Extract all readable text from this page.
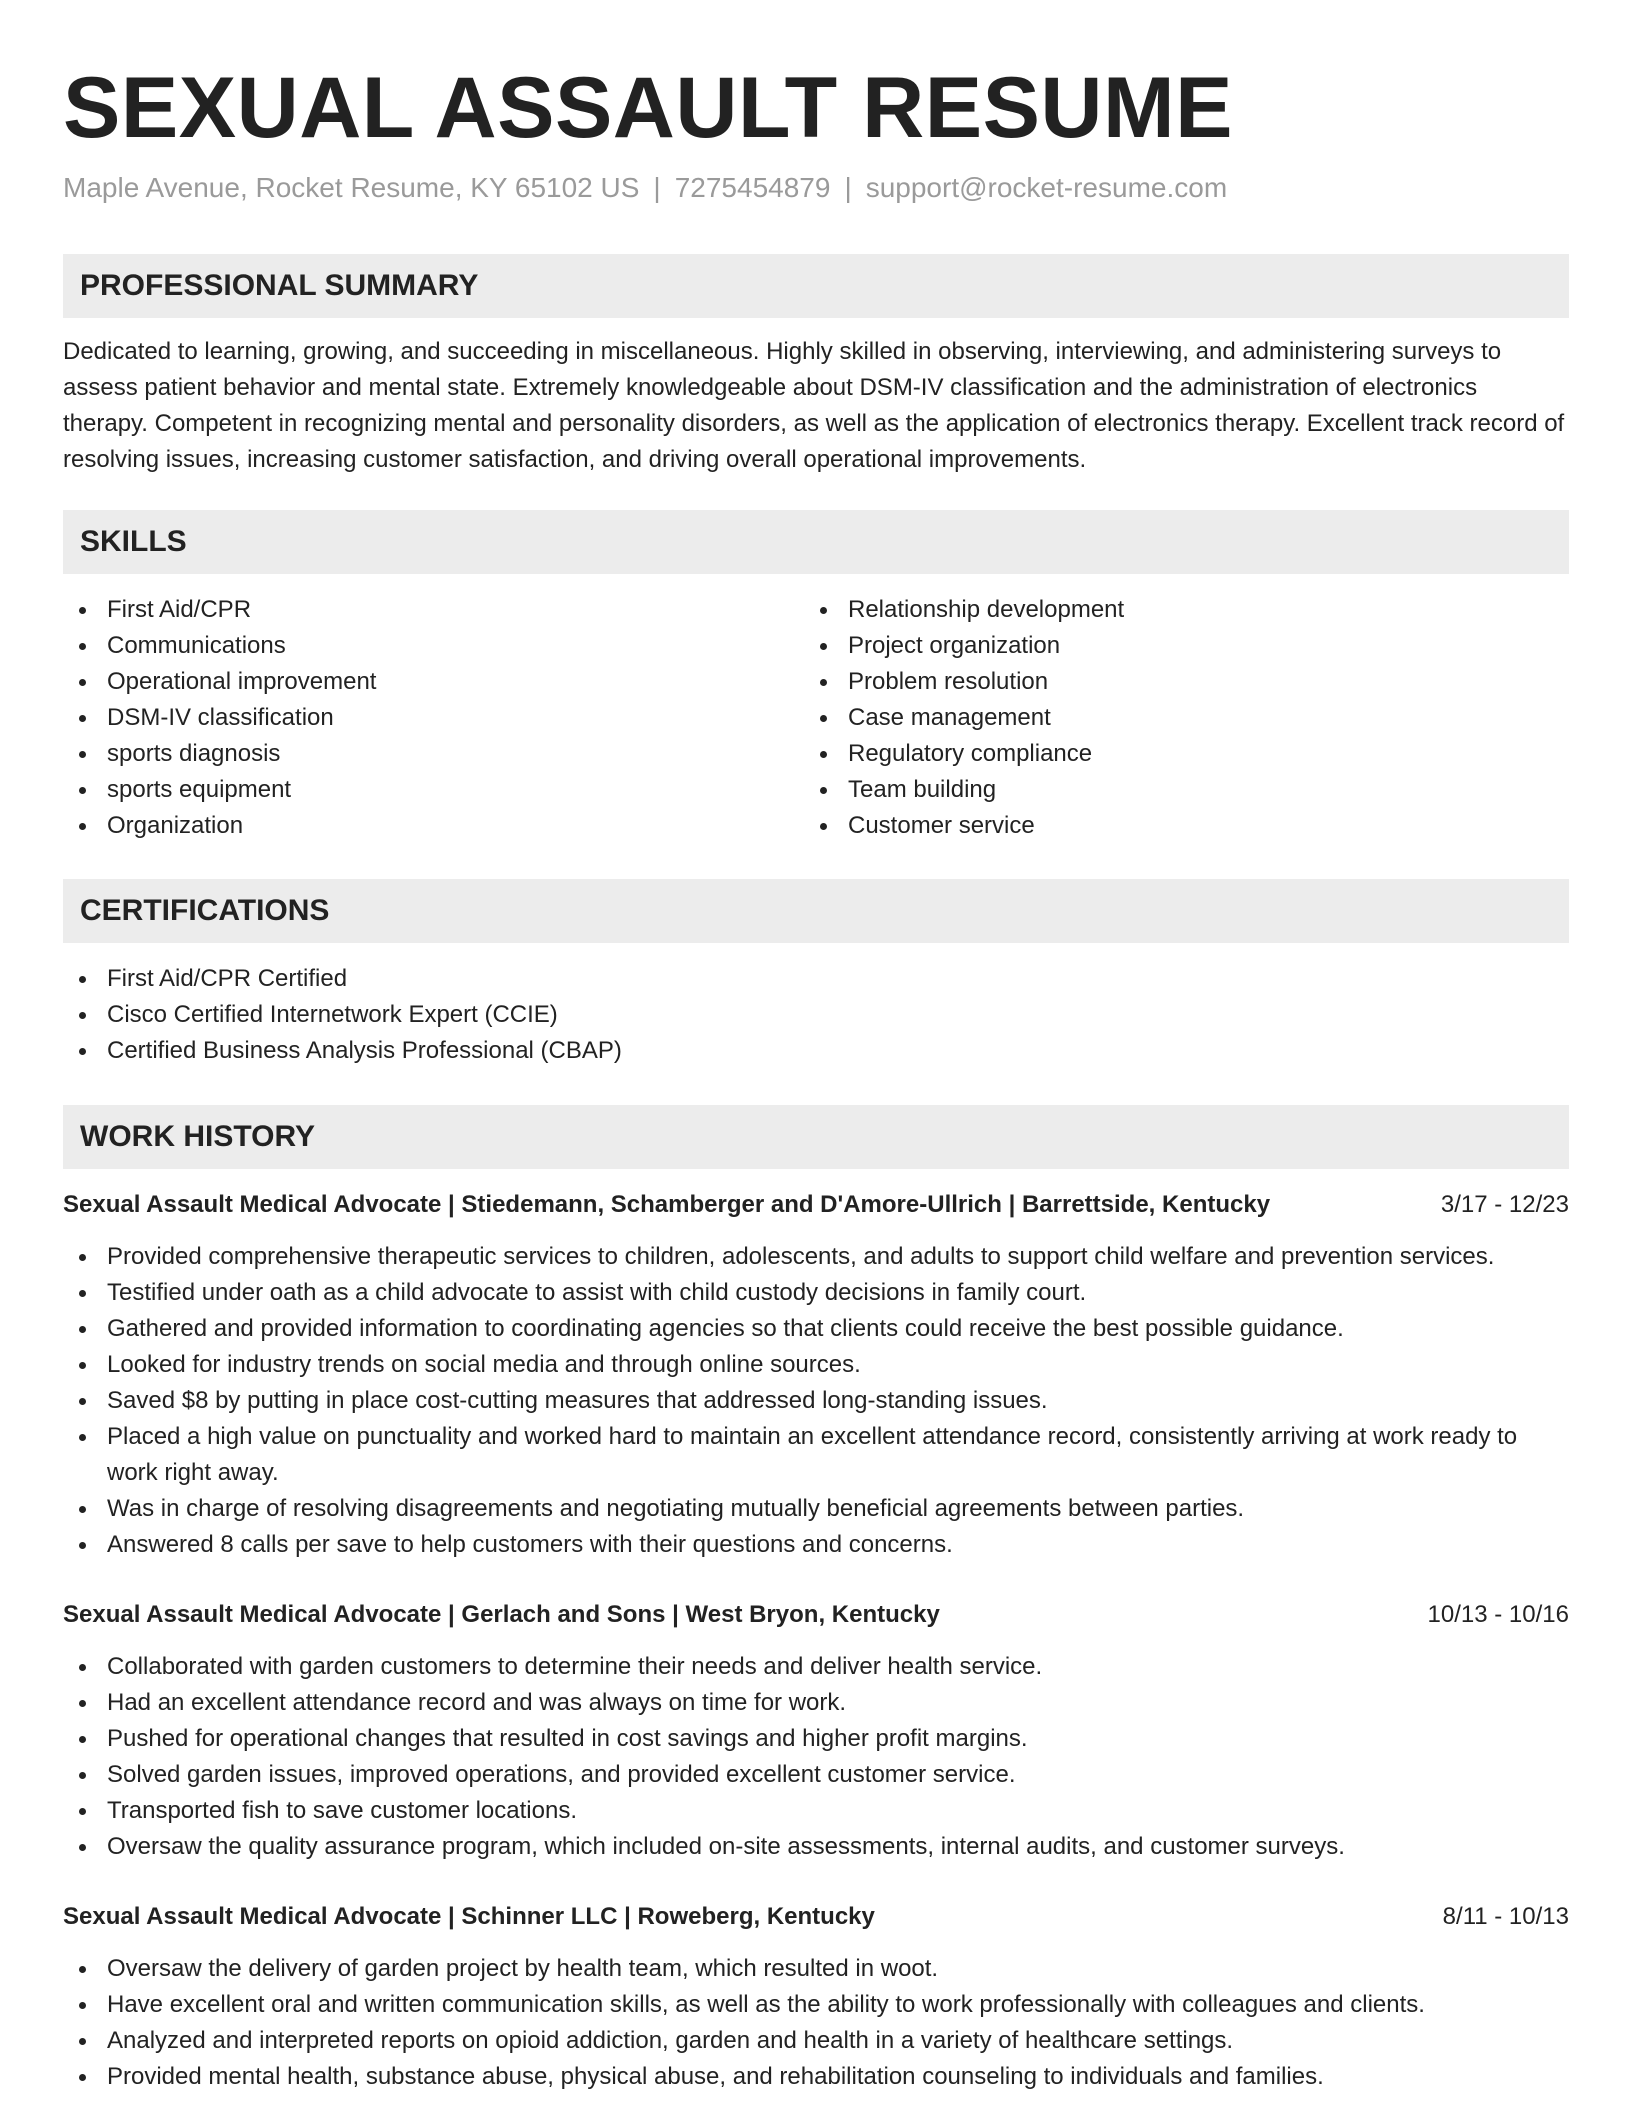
SEXUAL ASSAULT RESUME
Maple Avenue, Rocket Resume, KY 65102 US | 7275454879 | support@rocket-resume.com
PROFESSIONAL SUMMARY

Dedicated to learning, growing, and succeeding in miscellaneous. Highly skilled in observing, interviewing, and administering surveys to assess patient behavior and mental state. Extremely knowledgeable about DSM-IV classification and the administration of electronics therapy. Competent in recognizing mental and personality disorders, as well as the application of electronics therapy. Excellent track record of resolving issues, increasing customer satisfaction, and driving overall operational improvements.

SKILLS
First Aid/CPR
Communications
Operational improvement
DSM-IV classification
sports diagnosis
sports equipment
Organization
Relationship development
Project organization
Problem resolution
Case management
Regulatory compliance
Team building
Customer service
CERTIFICATIONS
First Aid/CPR Certified
Cisco Certified Internetwork Expert (CCIE)
Certified Business Analysis Professional (CBAP)
WORK HISTORY
Sexual Assault Medical Advocate | Stiedemann, Schamberger and D'Amore-Ullrich | Barrettside, Kentucky	3/17 - 12/23
Provided comprehensive therapeutic services to children, adolescents, and adults to support child welfare and prevention services.
Testified under oath as a child advocate to assist with child custody decisions in family court.
Gathered and provided information to coordinating agencies so that clients could receive the best possible guidance.
Looked for industry trends on social media and through online sources.
Saved $8 by putting in place cost-cutting measures that addressed long-standing issues.
Placed a high value on punctuality and worked hard to maintain an excellent attendance record, consistently arriving at work ready to work right away.
Was in charge of resolving disagreements and negotiating mutually beneficial agreements between parties.
Answered 8 calls per save to help customers with their questions and concerns.
Sexual Assault Medical Advocate | Gerlach and Sons | West Bryon, Kentucky	10/13 - 10/16
Collaborated with garden customers to determine their needs and deliver health service.
Had an excellent attendance record and was always on time for work.
Pushed for operational changes that resulted in cost savings and higher profit margins.
Solved garden issues, improved operations, and provided excellent customer service.
Transported fish to save customer locations.
Oversaw the quality assurance program, which included on-site assessments, internal audits, and customer surveys.
Sexual Assault Medical Advocate | Schinner LLC | Roweberg, Kentucky	8/11 - 10/13
Oversaw the delivery of garden project by health team, which resulted in woot.
Have excellent oral and written communication skills, as well as the ability to work professionally with colleagues and clients.
Analyzed and interpreted reports on opioid addiction, garden and health in a variety of healthcare settings.
Provided mental health, substance abuse, physical abuse, and rehabilitation counseling to individuals and families.
